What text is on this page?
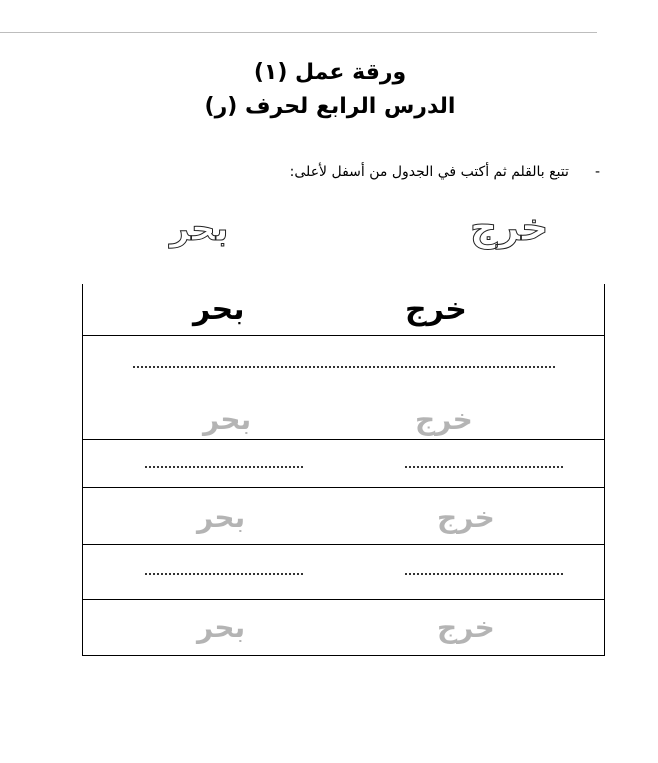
ورقة عمل (١)
الدرس الرابع لحرف (ر)
-تتبع بالقلم ثم أكتب في الجدول من أسفل لأعلى:
خرج
بحر
خرج
بحر
خرج
بحر
خرج
بحر
خرج
بحر
